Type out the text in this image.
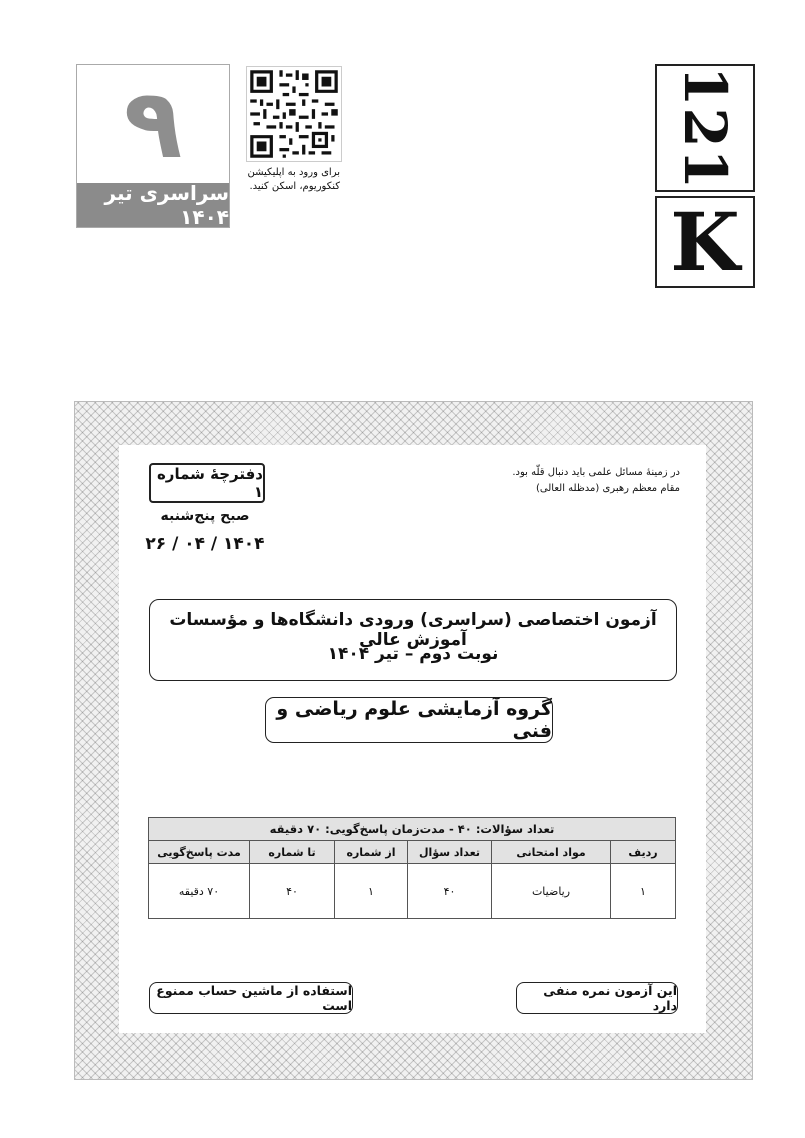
۹
سراسری تیر ۱۴۰۴
برای ورود به اپلیکیشن
کنکوریوم، اسکن کنید.	121
K
دفترچهٔ شماره ۱
صبح پنج‌شنبه
۱۴۰۴ / ۰۴ / ۲۶
در زمینهٔ مسائل علمی باید دنبال قلّه بود.
مقام معظم رهبری (مدظله العالی)
آزمون اختصاصی (سراسری) ورودی دانشگاه‌ها و مؤسسات آموزش عالی
نوبت دوم – تیر ۱۴۰۴
گروه آزمایشی علوم ریاضی و فنی
تعداد سؤالات: ۴۰ - مدت‌زمان پاسخ‌گویی: ۷۰ دقیقه					
ردیف	مواد امتحانی	تعداد سؤال	از شماره	تا شماره	مدت پاسخ‌گویی
۱	ریاضیات	۴۰	۱	۴۰	۷۰ دقیقه
استفاده از ماشین حساب ممنوع است
این آزمون نمره منفی دارد
